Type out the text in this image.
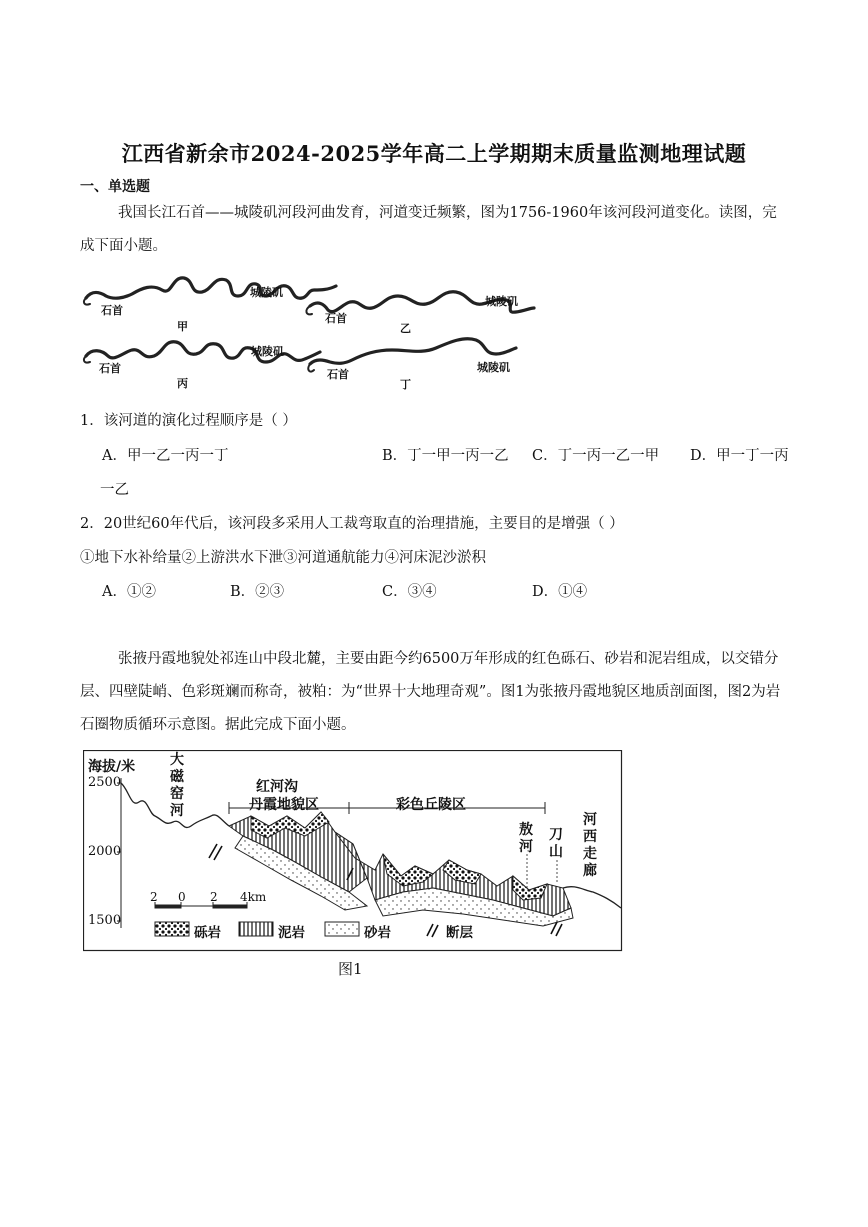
江西省新余市2024-2025学年高二上学期期末质量监测地理试题
一、单选题
我国长江石首——城陵矶河段河曲发育，河道变迁频繁，图为1756-1960年该河段河道变化。读图，完成下面小题。
石首
城陵矶
甲
石首
城陵矶
乙
石首
城陵矶
丙
石首
城陵矶
丁
1．该河道的演化过程顺序是（ ）
A．甲一乙一丙一丁	B．丁一甲一丙一乙 C．丁一丙一乙一甲 D．甲一丁一丙
一乙
2．20世纪60年代后，该河段多采用人工裁弯取直的治理措施，主要目的是增强（ ）
①地下水补给量②上游洪水下泄③河道通航能力④河床泥沙淤积
A．①②	B．②③	C．③④	D．①④
张掖丹霞地貌处祁连山中段北麓，主要由距今约6500万年形成的红色砾石、砂岩和泥岩组成，以交错分层、四壁陡峭、色彩斑斓而称奇，被粕：为“世界十大地理奇观”。图1为张掖丹霞地貌区地质剖面图，图2为岩石圈物质循环示意图。据此完成下面小题。
海拔/米
2500
2000
1500
大磁窑河
红河沟
丹霞地貌区	彩色丘陵区
敖河
刀山
河西走廊
2 0 2 4km
砾岩	泥岩	砂岩	断层
图1
